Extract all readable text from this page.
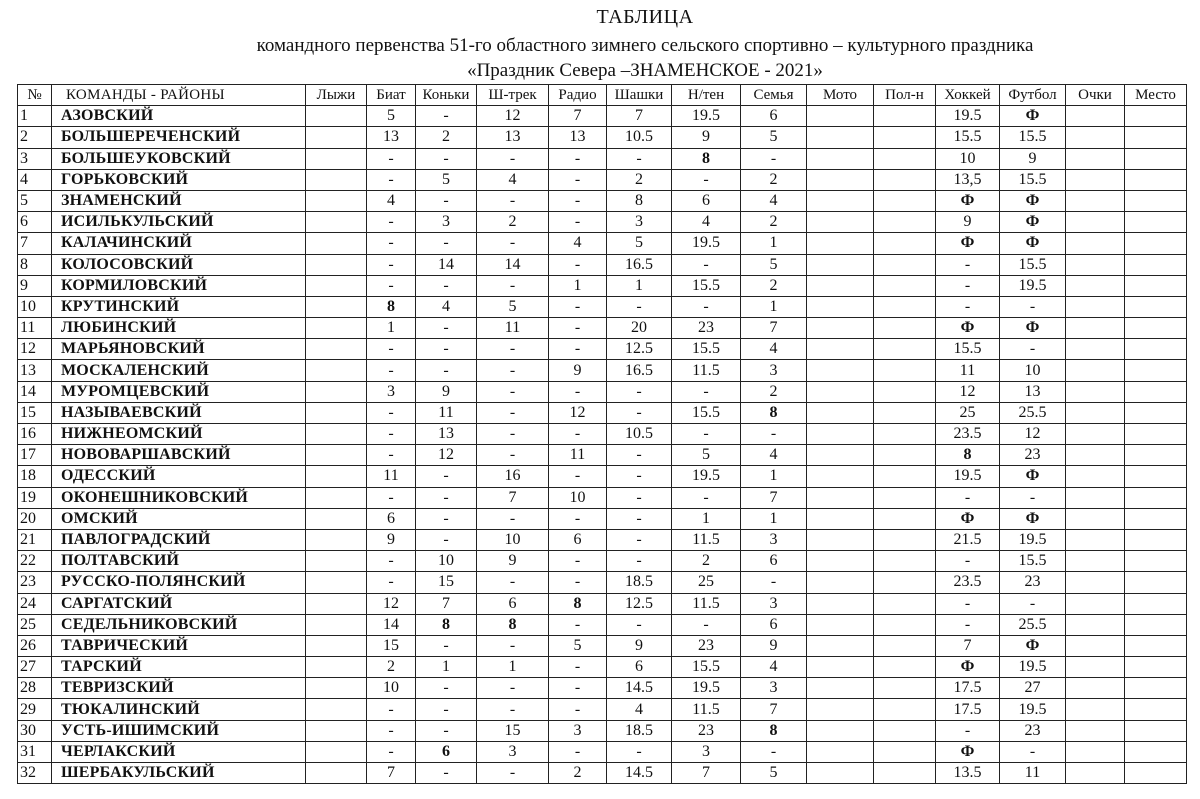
ТАБЛИЦА
командного первенства 51-го областного зимнего сельского спортивно – культурного праздника
«Праздник Севера –ЗНАМЕНСКОЕ - 2021»
№	КОМАНДЫ - РАЙОНЫ	Лыжи	Биат	Коньки	Ш-трек	Радио	Шашки	Н/тен	Семья	Мото	Пол-н	Хоккей	Футбол	Очки	Место
1	АЗОВСКИЙ		5	-	12	7	7	19.5	6			19.5	Ф		
2	БОЛЬШЕРЕЧЕНСКИЙ		13	2	13	13	10.5	9	5			15.5	15.5		
3	БОЛЬШЕУКОВСКИЙ		-	-	-	-	-	8	-			10	9		
4	ГОРЬКОВСКИЙ		-	5	4	-	2	-	2			13,5	15.5		
5	ЗНАМЕНСКИЙ		4	-	-	-	8	6	4			Ф	Ф		
6	ИСИЛЬКУЛЬСКИЙ		-	3	2	-	3	4	2			9	Ф		
7	КАЛАЧИНСКИЙ		-	-	-	4	5	19.5	1			Ф	Ф		
8	КОЛОСОВСКИЙ		-	14	14	-	16.5	-	5			-	15.5		
9	КОРМИЛОВСКИЙ		-	-	-	1	1	15.5	2			-	19.5		
10	КРУТИНСКИЙ		8	4	5	-	-	-	1			-	-		
11	ЛЮБИНСКИЙ		1	-	11	-	20	23	7			Ф	Ф		
12	МАРЬЯНОВСКИЙ		-	-	-	-	12.5	15.5	4			15.5	-		
13	МОСКАЛЕНСКИЙ		-	-	-	9	16.5	11.5	3			11	10		
14	МУРОМЦЕВСКИЙ		3	9	-	-	-	-	2			12	13		
15	НАЗЫВАЕВСКИЙ		-	11	-	12	-	15.5	8			25	25.5		
16	НИЖНЕОМСКИЙ		-	13	-	-	10.5	-	-			23.5	12		
17	НОВОВАРШАВСКИЙ		-	12	-	11	-	5	4			8	23		
18	ОДЕССКИЙ		11	-	16	-	-	19.5	1			19.5	Ф		
19	ОКОНЕШНИКОВСКИЙ		-	-	7	10	-	-	7			-	-		
20	ОМСКИЙ		6	-	-	-	-	1	1			Ф	Ф		
21	ПАВЛОГРАДСКИЙ		9	-	10	6	-	11.5	3			21.5	19.5		
22	ПОЛТАВСКИЙ		-	10	9	-	-	2	6			-	15.5		
23	РУССКО-ПОЛЯНСКИЙ		-	15	-	-	18.5	25	-			23.5	23		
24	САРГАТСКИЙ		12	7	6	8	12.5	11.5	3			-	-		
25	СЕДЕЛЬНИКОВСКИЙ		14	8	8	-	-	-	6			-	25.5		
26	ТАВРИЧЕСКИЙ		15	-	-	5	9	23	9			7	Ф		
27	ТАРСКИЙ		2	1	1	-	6	15.5	4			Ф	19.5		
28	ТЕВРИЗСКИЙ		10	-	-	-	14.5	19.5	3			17.5	27		
29	ТЮКАЛИНСКИЙ		-	-	-	-	4	11.5	7			17.5	19.5		
30	УСТЬ-ИШИМСКИЙ		-	-	15	3	18.5	23	8			-	23		
31	ЧЕРЛАКСКИЙ		-	6	3	-	-	3	-			Ф	-		
32	ШЕРБАКУЛЬСКИЙ		7	-	-	2	14.5	7	5			13.5	11		
